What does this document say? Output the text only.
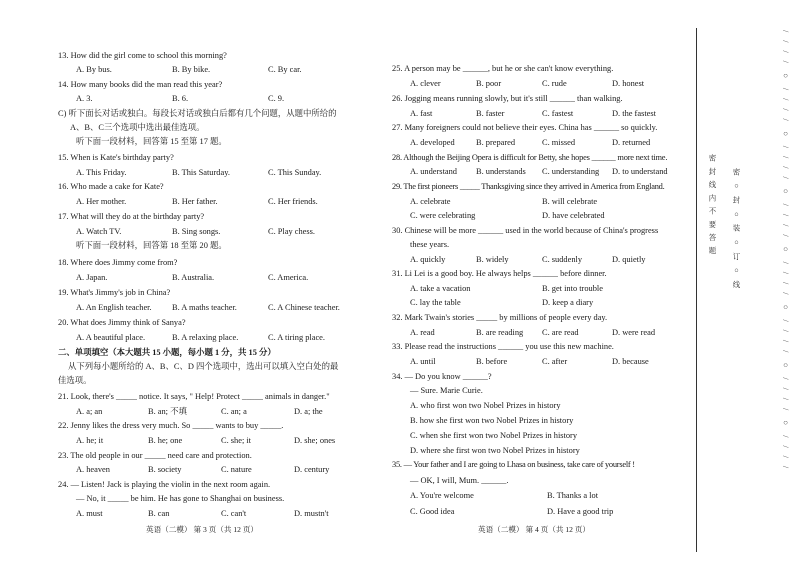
13. How did the girl come to school this morning?
A. By bus.	B. By bike.	C. By car.
14. How many books did the man read this year?
A. 3.	B. 6.	C. 9.
C) 听下面长对话或独白。每段长对话或独白后都有几个问题，从题中所给的
A、B、C三个选项中选出最佳选项。
听下面一段材料，回答第 15 至第 17 题。
15. When is Kate's birthday party?
A. This Friday.	B. This Saturday.	C. This Sunday.
16. Who made a cake for Kate?
A. Her mother.	B. Her father.	C. Her friends.
17. What will they do at the birthday party?
A. Watch TV.	B. Sing songs.	C. Play chess.
听下面一段材料，回答第 18 至第 20 题。
18. Where does Jimmy come from?
A. Japan.	B. Australia.	C. America.
19. What's Jimmy's job in China?
A. An English teacher. B. A maths teacher.	C. A Chinese teacher.
20. What does Jimmy think of Sanya?
A. A beautiful place.	B. A relaxing place.	C. A tiring place.
二、单项填空（本大题共 15 小题，每小题 1 分，共 15 分）
从下列每小题所给的 A、B、C、D 四个选项中，选出可以填入空白处的最
佳选项。
21. Look, there's _____ notice. It says, " Help! Protect _____ animals in danger."
A. a; an	B. an; 不填	C. an; a	D. a; the
22. Jenny likes the dress very much. So _____ wants to buy _____.
A. he; it	B. he; one	C. she; it	D. she; ones
23. The old people in our _____ need care and protection.
A. heaven	B. society	C. nature	D. century
24. — Listen! Jack is playing the violin in the next room again.
— No, it _____ be him. He has gone to Shanghai on business.
A. must	B. can	C. can't	D. mustn't
英语（二模） 第 3 页（共 12 页）
25. A person may be ______, but he or she can't know everything.
A. clever	B. poor	C. rude	D. honest
26. Jogging means running slowly, but it's still ______ than walking.
A. fast	B. faster	C. fastest	D. the fastest
27. Many foreigners could not believe their eyes. China has ______ so quickly.
A. developed	B. prepared	C. missed	D. returned
28. Although the Beijing Opera is difficult for Betty, she hopes ______ more next time.
A. understand B. understands C. understanding D. to understand
29. The first pioneers _____ Thanksgiving since they arrived in America from England.
A. celebrate	B. will celebrate
C. were celebrating	D. have celebrated
30. Chinese will be more ______ used in the world because of China's progress
these years.
A. quickly	B. widely	C. suddenly	D. quietly
31. Li Lei is a good boy. He always helps ______ before dinner.
A. take a vacation	B. get into trouble
C. lay the table	D. keep a diary
32. Mark Twain's stories _____ by millions of people every day.
A. read	B. are reading C. are read	D. were read
33. Please read the instructions ______ you use this new machine.
A. until	B. before	C. after	D. because
34. — Do you know ______?
— Sure. Marie Curie.
A. who first won two Nobel Prizes in history
B. how she first won two Nobel Prizes in history
C. when she first won two Nobel Prizes in history
D. where she first won two Nobel Prizes in history
35. — Your father and I are going to Lhasa on business, take care of yourself !
— OK, I will, Mum. ______.
A. You're welcome	B. Thanks a lot
C. Good idea	D. Have a good trip
英语（二模） 第 4 页（共 12 页）
密 封 线 内 不 要 答 题 密 ○ 封 ○ 装 ○ 订 ○ 线	/ / / / ○ / / / / ○ / / / / ○ / / / / ○ / / / / ○ / / / / ○ / / / / ○ / / / /
